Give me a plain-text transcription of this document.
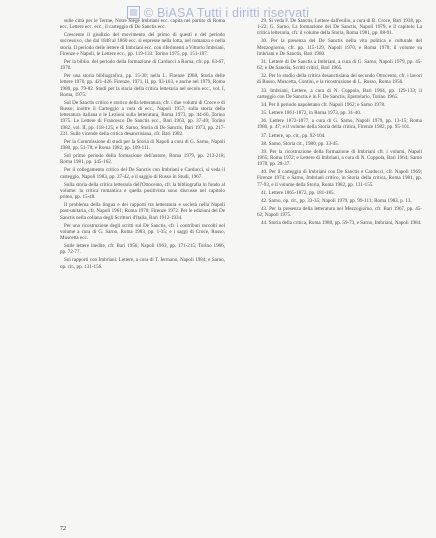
© BiASA Tutti i diritti riservati

sulle città per le Terme, Notre Siège Imbriani ecc. capita nel partito di Roma ecc. Lettere ecc. ecc., il carteggio di De Sanctis ecc.

Crescente il giudizio del movimento del primo di questi e del periodo successivo, che dal 1848 al 1860 ecc. si espresse nella lotta, nel romanzo e nella storia. Il periodo delle lettere di Imbriani ecc. con riferimenti a Vittorio Imbriani, Firenze e Napoli, le Lettere ecc., pp. 119-133. Torino 1975, pp. 151-187.

Per la biblio. del periodo della formazione di Carducci a Roma, cfr. pp. 63-67, 1970.

Per una storia bibliografica, pp. 15-30; nella L. Firenze 1968, Storia delle lettere 1970, pp. 421-426. Firenze, 1971, II, pp. 93-103, e anche nel 1979, Roma 1980, pp. 79-82. Studi per la storia della critica letteraria nel secolo ecc., vol. I, Roma, 1975.

Sul De Sanctis critico e storico della letteratura, cfr. i due volumi di Croce e di Russo; inoltre il Carteggio a cura di ecc., Napoli 1957; sulla storia della letteratura italiana e le Lezioni sulla letteratura, Roma 1973, pp. 44-60, Torino 1975. Le Lettere di Francesco De Sanctis ecc., Bari 1963, pp. 37-40; Torino 1982, vol. II, pp. 118-125; e R. Sarno, Storia di De Sanctis, Bari 1973, pp. 217-231. Sulle vicende della critica desanctisiana, cfr. Bari 1982.

Per la Commissione di studi per la Storia di Napoli a cura di G. Sarno, Napoli 1980, pp. 51-78; e Roma 1982, pp. 109-111.

Sul primo periodo della formazione dell'autore, Roma 1979, pp. 213-218; Roma 1981, pp. 145-162.

Per il collegamento critico del De Sanctis con Imbriani e Carducci, si veda il carteggio, Napoli 1983, pp. 37-42, e il saggio di Russo in Studi, 1967.

Sulla storia della critica letteraria dell'Ottocento, cfr. la bibliografia in fondo al volume: la critica romantica e quella positivista sono discusse nel capitolo primo, pp. 15-48.

Il problema della lingua e dei rapporti tra letteratura e società nella Napoli post-unitaria, cfr. Napoli 1961; Roma 1970; Firenze 1972. Per le edizioni del De Sanctis nella collana degli Scrittori d'Italia, Bari 1912-1934.

Per una ricostruzione degli scritti sul De Sanctis, cfr. i contributi raccolti nel volume a cura di G. Sarno, Roma 1983, pp. 1-35; e i saggi di Croce, Russo, Muscetta ecc.

Sulle lettere inedite, cfr. Bari 1956; Napoli 1963, pp. 171-215; Torino 1966, pp. 72-77.

Sui rapporti con Imbriani: Lettere, a cura di T. Iermano, Napoli 1984; e Sarno, op. cit., pp. 131-156.

29. Si veda F. De Sanctis, Lettere dall'esilio, a cura di B. Croce, Bari 1938, pp. 1-22; G. Sarno, La formazione del De Sanctis, Napoli 1979, e il capitolo La critica letteraria, cfr. il volume della Storia, Roma 1981, pp. 88-91.

30. Per la presenza del De Sanctis nella vita politica e culturale del Mezzogiorno, cfr. pp. 115-129, Napoli 1970, e Roma 1978; il volume su Imbriani e De Sanctis, Bari 1980.

31. Lettere di De Sanctis a Imbriani, a cura di G. Sarno, Napoli 1979, pp. 45-62; e De Sanctis, Scritti critici, Bari 1965.

32. Per lo studio della critica desanctisiana del secondo Ottocento, cfr. i lavori di Russo, Muscetta, Contini, e la ricostruzione di L. Russo, Roma 1956.

33. Imbriani, Lettere, a cura di N. Coppola, Bari 1964, pp. 129-133; il carteggio con De Sanctis è in F. De Sanctis, Epistolario, Torino 1965.

34. Per il periodo napoletano cfr. Napoli 1962; e Sarno 1978.

35. Lettere 1861-1872, in Roma 1973, pp. 31-40.

36. Lettere 1872-1877, a cura di G. Sarno, Napoli 1979, pp. 13-15; Roma 1980, p. 47; e il volume della Storia della critica, Firenze 1982, pp. 95-101.

37. Lettere, op. cit., pp. 92-104.

38. Sarno, Storia cit., 1980, pp. 33-45.

39. Per la ricostruzione della formazione di Imbriani cfr. i volumi, Napoli 1965; Roma 1972; e Lettere di Imbriani, a cura di N. Coppola, Bari 1964; Sarno 1978, pp. 28-37.

40. Per il carteggio di Imbriani con De Sanctis e Carducci, cfr. Napoli 1969; Firenze 1974; e Sarno, Imbriani critico, in Storia della critica, Roma 1981, pp. 77-93, e il volume della Storia, Roma 1982, pp. 131-155.

41. Lettere 1865-1872, pp. 181-185.

42. Sarno, op. cit., pp. 33-35; Napoli 1979, pp. 99-111; Roma 1983, p. 13.

43. Per la presenza della letteratura nel Mezzogiorno, cfr. Bari 1967, pp. 45-62; Napoli 1975.

44. Storia della critica, Roma 1980, pp. 59-73, e Sarno, Imbriani, Napoli 1984.

72
